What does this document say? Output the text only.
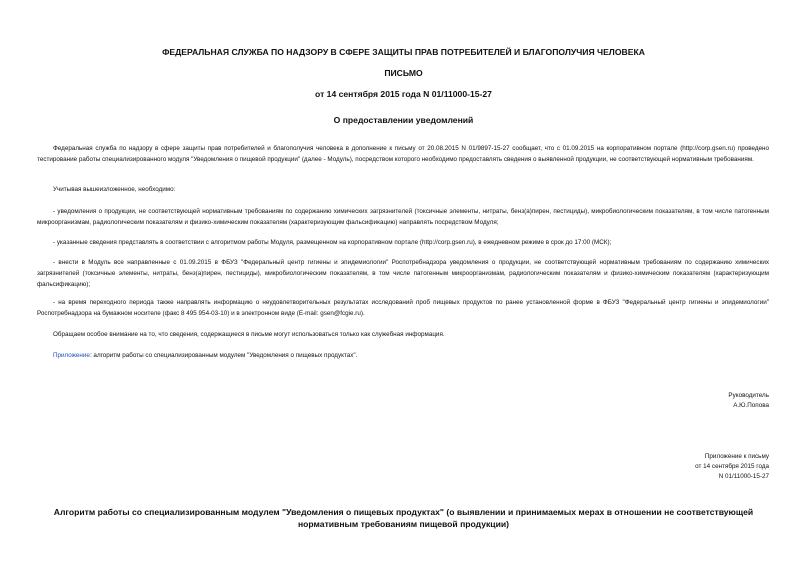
ФЕДЕРАЛЬНАЯ СЛУЖБА ПО НАДЗОРУ В СФЕРЕ ЗАЩИТЫ ПРАВ ПОТРЕБИТЕЛЕЙ И БЛАГОПОЛУЧИЯ ЧЕЛОВЕКА
ПИСЬМО
от 14 сентября 2015 года N 01/11000-15-27
О предоставлении уведомлений

Федеральная служба по надзору в сфере защиты прав потребителей и благополучия человека в дополнение к письму от 20.08.2015 N 01/9897-15-27 сообщает, что с 01.09.2015 на корпоративном портале (http://corp.gsen.ru) проведено тестирование работы специализированного модуля "Уведомления о пищевой продукции" (далее - Модуль), посредством которого необходимо предоставлять сведения о выявленной продукции, не соответствующей нормативным требованиям.

Учитывая вышеизложенное, необходимо:

- уведомления о продукции, не соответствующей нормативным требованиям по содержанию химических загрязнителей (токсичные элементы, нитраты, бенз(а)пирен, пестициды), микробиологическим показателям, в том числе патогенным микроорганизмам, радиологическим показателям и физико-химическим показателям (характеризующим фальсификацию) направлять посредством Модуля;

- указанные сведения представлять в соответствии с алгоритмом работы Модуля, размещенном на корпоративном портале (http://corp.gsen.ru), в ежедневном режиме в срок до 17:00 (МСК);

- внести в Модуль все направленные с 01.09.2015 в ФБУЗ "Федеральный центр гигиены и эпидемиологии" Роспотребнадзора уведомления о продукции, не соответствующей нормативным требованиям по содержанию химических загрязнителей (токсичные элементы, нитраты, бенз(а)пирен, пестициды), микробиологическим показателям, в том числе патогенным микроорганизмам, радиологическим показателям и физико-химическим показателям (характеризующим фальсификацию);

- на время переходного периода также направлять информацию о неудовлетворительных результатах исследований проб пищевых продуктов по ранее установленной форме в ФБУЗ "Федеральный центр гигиены и эпидемиологии" Роспотребнадзора на бумажном носителе (факс 8 495 954-03-10) и в электронном виде (E-mail: gsen@fcgie.ru).

Обращаем особое внимание на то, что сведения, содержащиеся в письме могут использоваться только как служебная информация.

Приложение: алгоритм работы со специализированным модулем "Уведомления о пищевых продуктах".

Руководитель
А.Ю.Попова
Приложение к письму
от 14 сентября 2015 года
N 01/11000-15-27
Алгоритм работы со специализированным модулем "Уведомления о пищевых продуктах" (о выявлении и принимаемых мерах в отношении не соответствующей нормативным требованиям пищевой продукции)
